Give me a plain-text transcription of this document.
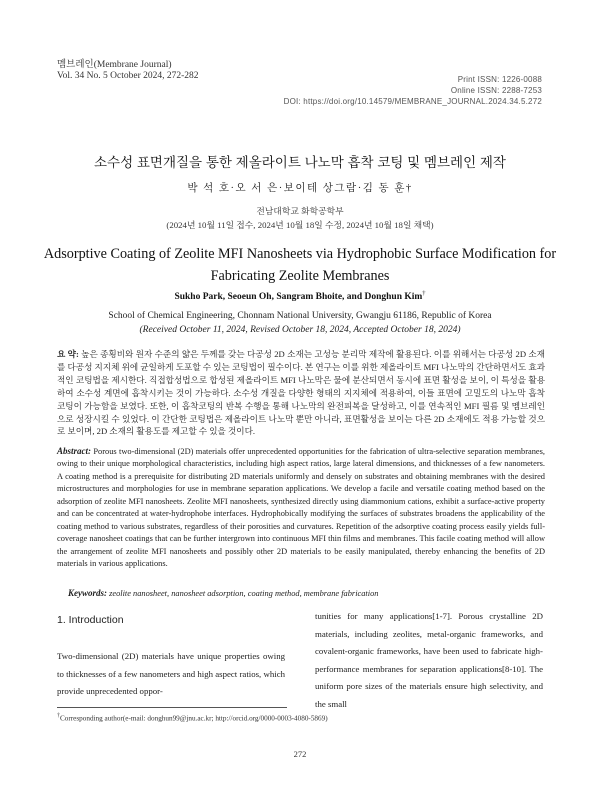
멤브레인(Membrane Journal)
Vol. 34 No. 5 October 2024, 272-282	Print ISSN: 1226-0088
Online ISSN: 2288-7253
DOI: https://doi.org/10.14579/MEMBRANE_JOURNAL.2024.34.5.272
소수성 표면개질을 통한 제올라이트 나노막 흡착 코팅 및 멤브레인 제작
박 석 호·오 서 은·보이테 상그람·김 동 훈†
전남대학교 화학공학부
(2024년 10월 11일 접수, 2024년 10월 18일 수정, 2024년 10월 18일 채택)
Adsorptive Coating of Zeolite MFI Nanosheets via Hydrophobic Surface Modification for Fabricating Zeolite Membranes
Sukho Park, Seoeun Oh, Sangram Bhoite, and Donghun Kim†
School of Chemical Engineering, Chonnam National University, Gwangju 61186, Republic of Korea
(Received October 11, 2024, Revised October 18, 2024, Accepted October 18, 2024)
요 약: 높은 종횡비와 원자 수준의 얇은 두께를 갖는 다공성 2D 소재는 고성능 분리막 제작에 활용된다. 이를 위해서는 다공성 2D 소재를 다공성 지지체 위에 균일하게 도포할 수 있는 코팅법이 필수이다. 본 연구는 이를 위한 제올라이트 MFI 나노막의 간단하면서도 효과적인 코팅법을 제시한다. 직접합성법으로 합성된 제올라이트 MFI 나노막은 물에 분산되면서 동시에 표면 활성을 보이, 이 특성을 활용하여 소수성 계면에 흡착시키는 것이 가능하다. 소수성 개질을 다양한 형태의 지지체에 적용하여, 이들 표면에 고밀도의 나노막 흡착 코팅이 가능함을 보였다. 또한, 이 흡착코팅의 반복 수행을 통해 나노막의 완전피복을 달성하고, 이를 연속적인 MFI 필름 및 멤브레인으로 성장시킬 수 있었다. 이 간단한 코팅법은 제올라이트 나노막 뿐만 아니라, 표면활성을 보이는 다른 2D 소재에도 적용 가능할 것으로 보이며, 2D 소재의 활용도를 제고할 수 있을 것이다.
Abstract: Porous two-dimensional (2D) materials offer unprecedented opportunities for the fabrication of ultra-selective separation membranes, owing to their unique morphological characteristics, including high aspect ratios, large lateral dimensions, and thicknesses of a few nanometers. A coating method is a prerequisite for distributing 2D materials uniformly and densely on substrates and obtaining membranes with the desired microstructures and morphologies for use in membrane separation applications. We develop a facile and versatile coating method based on the adsorption of zeolite MFI nanosheets. Zeolite MFI nanosheets, synthesized directly using diammonium cations, exhibit a surface-active property and can be concentrated at water-hydrophobe interfaces. Hydrophobically modifying the surfaces of substrates broadens the applicability of the coating method to various substrates, regardless of their porosities and curvatures. Repetition of the adsorptive coating process easily yields full-coverage nanosheet coatings that can be further intergrown into continuous MFI thin films and membranes. This facile coating method will allow the arrangement of zeolite MFI nanosheets and possibly other 2D materials to be easily manipulated, thereby enhancing the benefits of 2D materials in various applications.
Keywords: zeolite nanosheet, nanosheet adsorption, coating method, membrane fabrication
1. Introduction

Two-dimensional (2D) materials have unique properties owing to thicknesses of a few nanometers and high aspect ratios, which provide unprecedented oppor-

tunities for many applications[1-7]. Porous crystalline 2D materials, including zeolites, metal-organic frameworks, and covalent-organic frameworks, have been used to fabricate high-performance membranes for separation applications[8-10]. The uniform pore sizes of the materials ensure high selectivity, and the small

†Corresponding author(e-mail: donghun99@jnu.ac.kr; http://orcid.org/0000-0003-4080-5869)
272
